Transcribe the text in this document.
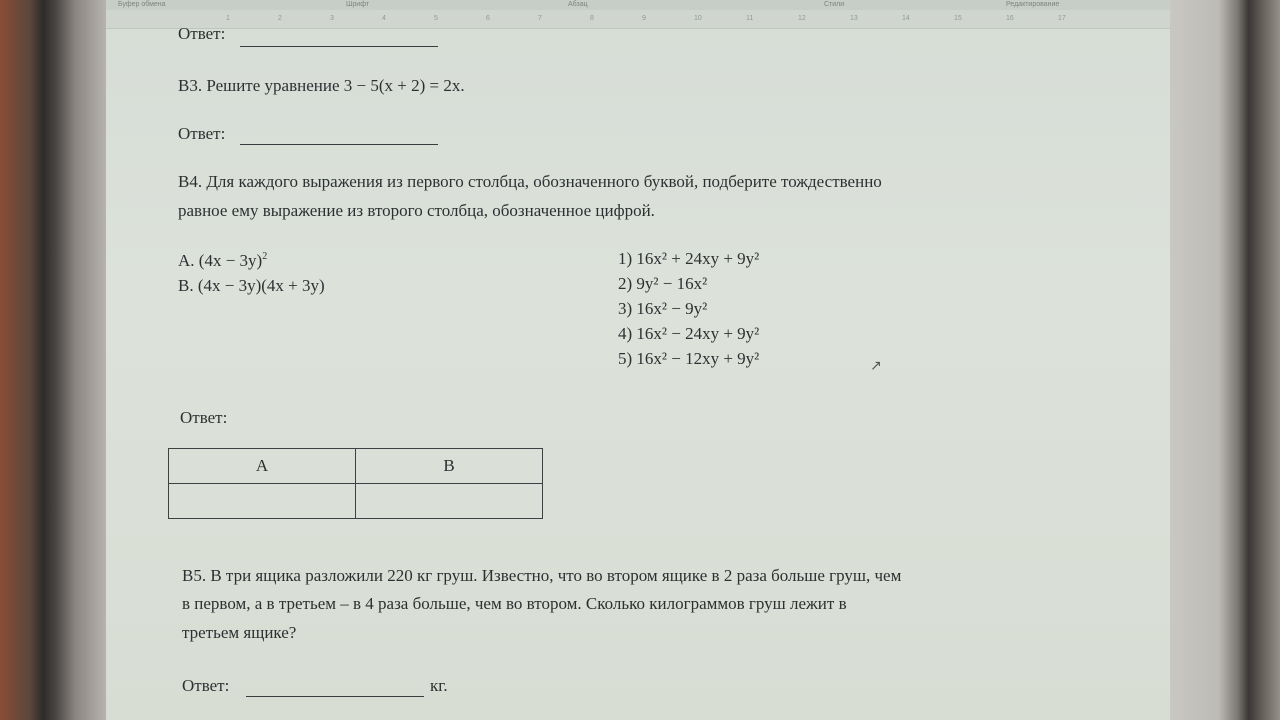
Буфер обмена	Шрифт	Абзац	Стили	Редактирование
1	2	3	4	5	6	7	8	9	10	11	12	13	14	15	16	17
Ответ:
В3. Решите уравнение 3 − 5(x + 2) = 2x.
Ответ:
В4. Для каждого выражения из первого столбца, обозначенного буквой, подберите тождественно
равное ему выражение из второго столбца, обозначенное цифрой.
А. $(4x - 3y)^2$
В. (4x − 3y)(4x + 3y)
1) 16x² + 24xy + 9y²
2) 9y² − 16x²
3) 16x² − 9y²
4) 16x² − 24xy + 9y²
5) 16x² − 12xy + 9y²
Ответ:
А	В

В5. В три ящика разложили 220 кг груш. Известно, что во втором ящике в 2 раза больше груш, чем
в первом, а в третьем – в 4 раза больше, чем во втором. Сколько килограммов груш лежит в
третьем ящике?
Ответ:	кг.
↗
